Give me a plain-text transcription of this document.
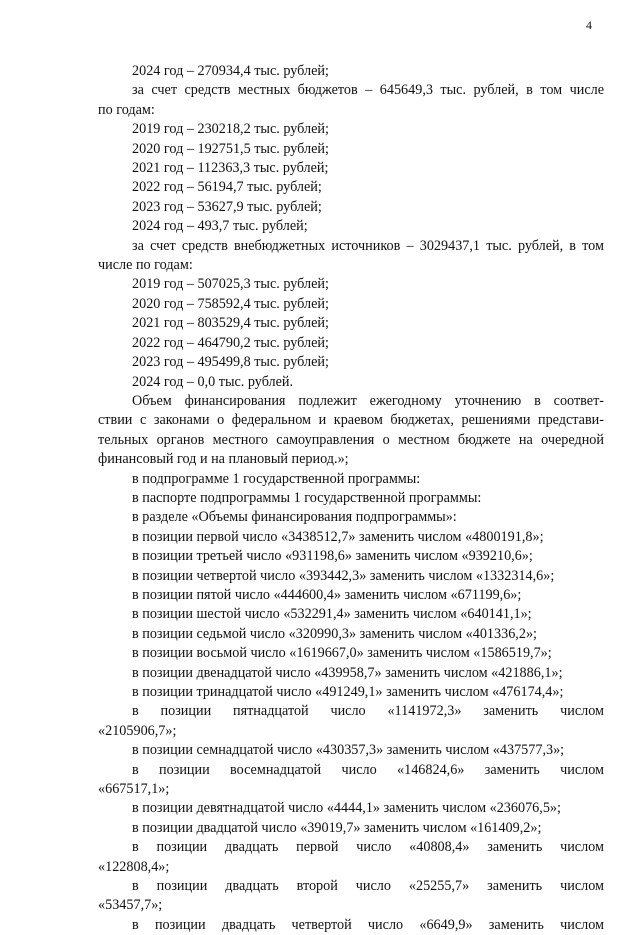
4
2024 год – 270934,4 тыс. рублей;
за счет средств местных бюджетов – 645649,3 тыс. рублей, в том числе
по годам:
2019 год – 230218,2 тыс. рублей;
2020 год – 192751,5 тыс. рублей;
2021 год – 112363,3 тыс. рублей;
2022 год – 56194,7 тыс. рублей;
2023 год – 53627,9 тыс. рублей;
2024 год – 493,7 тыс. рублей;
за счет средств внебюджетных источников – 3029437,1 тыс. рублей, в том
числе по годам:
2019 год – 507025,3 тыс. рублей;
2020 год – 758592,4 тыс. рублей;
2021 год – 803529,4 тыс. рублей;
2022 год – 464790,2 тыс. рублей;
2023 год – 495499,8 тыс. рублей;
2024 год – 0,0 тыс. рублей.
Объем финансирования подлежит ежегодному уточнению в соответ-
ствии с законами о федеральном и краевом бюджетах, решениями представи-
тельных органов местного самоуправления о местном бюджете на очередной
финансовый год и на плановый период.»;
в подпрограмме 1 государственной программы:
в паспорте подпрограммы 1 государственной программы:
в разделе «Объемы финансирования подпрограммы»:
в позиции первой число «3438512,7» заменить числом «4800191,8»;
в позиции третьей число «931198,6» заменить числом «939210,6»;
в позиции четвертой число «393442,3» заменить числом «1332314,6»;
в позиции пятой число «444600,4» заменить числом «671199,6»;
в позиции шестой число «532291,4» заменить числом «640141,1»;
в позиции седьмой число «320990,3» заменить числом «401336,2»;
в позиции восьмой число «1619667,0» заменить числом «1586519,7»;
в позиции двенадцатой число «439958,7» заменить числом «421886,1»;
в позиции тринадцатой число «491249,1» заменить числом «476174,4»;
в позиции пятнадцатой число «1141972,3» заменить числом
«2105906,7»;
в позиции семнадцатой число «430357,3» заменить числом «437577,3»;
в позиции восемнадцатой число «146824,6» заменить числом
«667517,1»;
в позиции девятнадцатой число «4444,1» заменить числом «236076,5»;
в позиции двадцатой число «39019,7» заменить числом «161409,2»;
в позиции двадцать первой число «40808,4» заменить числом
«122808,4»;
в позиции двадцать второй число «25255,7» заменить числом
«53457,7»;
в позиции двадцать четвертой число «6649,9» заменить числом
